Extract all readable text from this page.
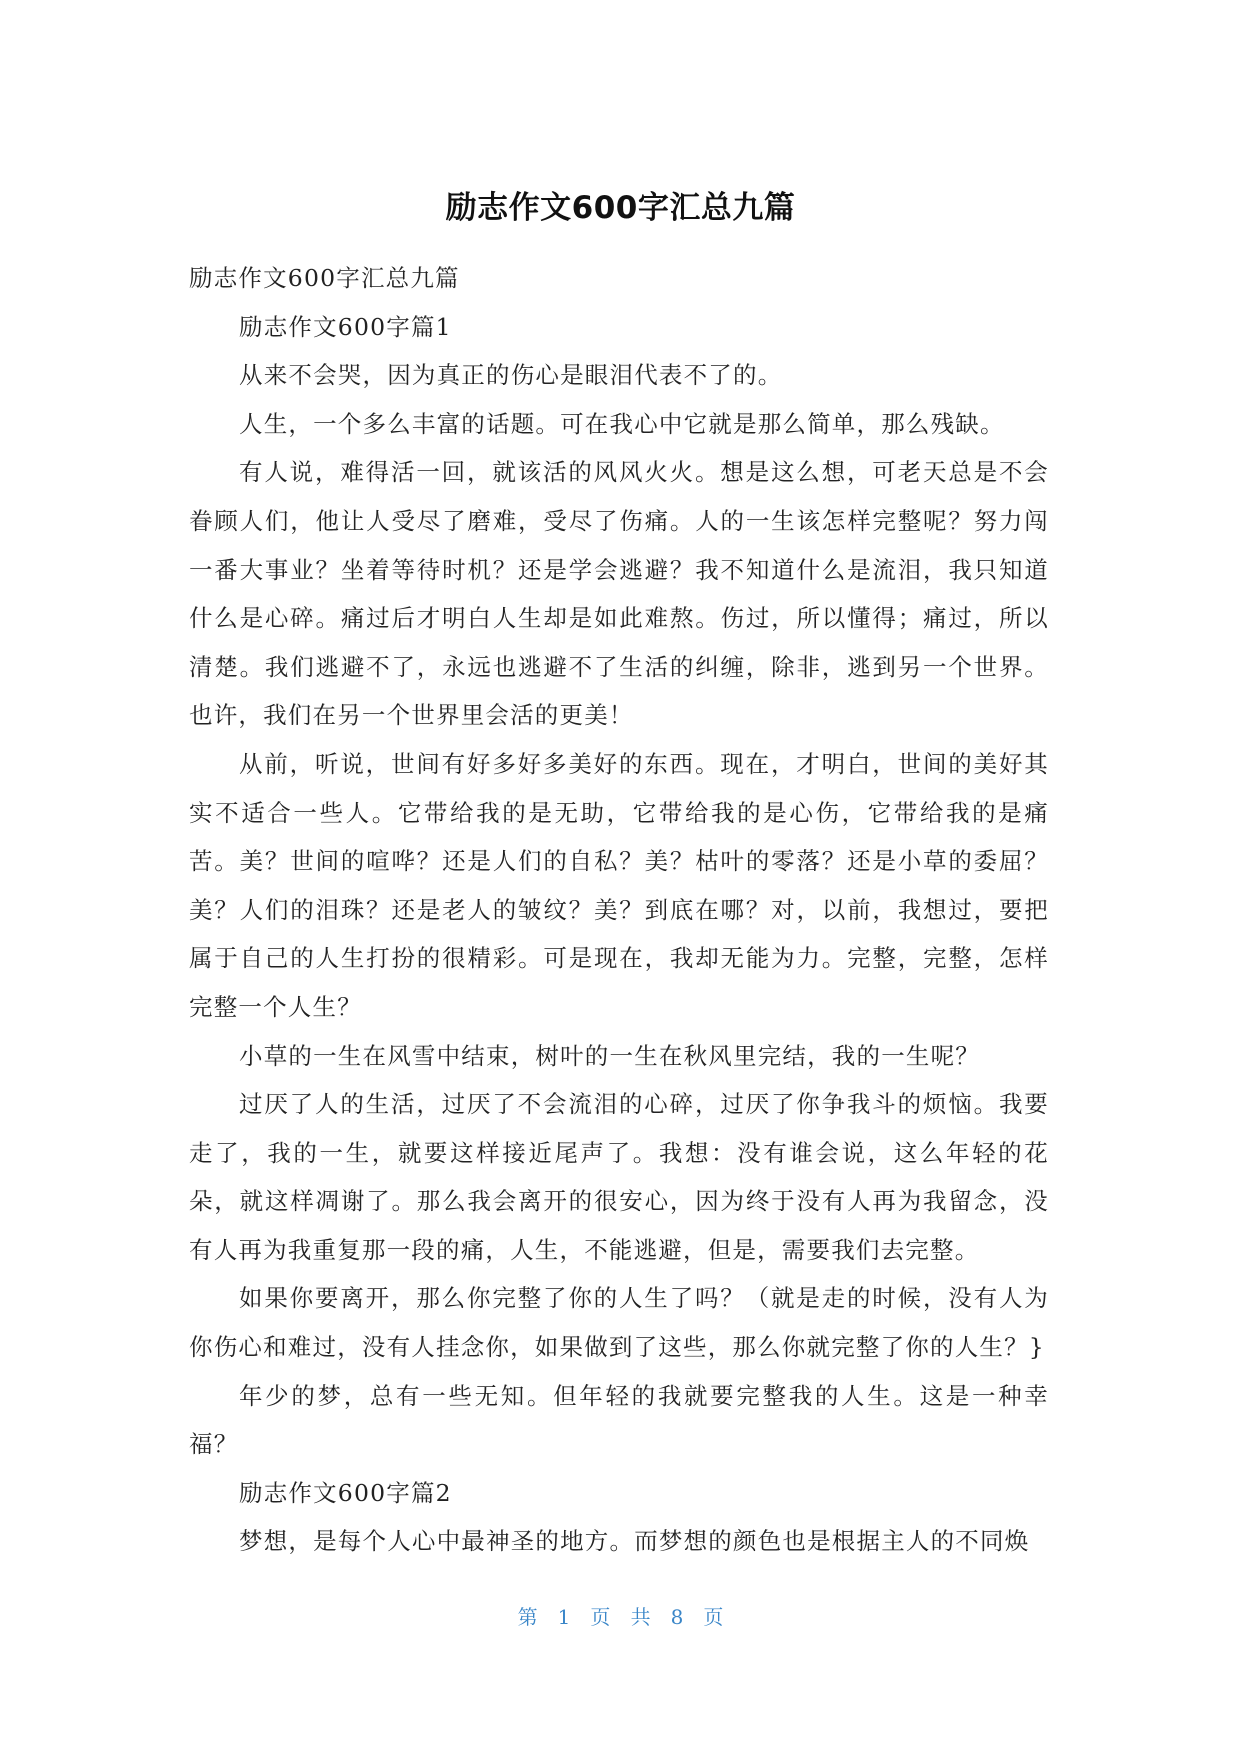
励志作文600字汇总九篇

励志作文600字汇总九篇

励志作文600字篇1

从来不会哭，因为真正的伤心是眼泪代表不了的。

人生，一个多么丰富的话题。可在我心中它就是那么简单，那么残缺。

有人说，难得活一回，就该活的风风火火。想是这么想，可老天总是不会眷顾人们，他让人受尽了磨难，受尽了伤痛。人的一生该怎样完整呢？努力闯一番大事业？坐着等待时机？还是学会逃避？我不知道什么是流泪，我只知道什么是心碎。痛过后才明白人生却是如此难熬。伤过，所以懂得；痛过，所以清楚。我们逃避不了，永远也逃避不了生活的纠缠，除非，逃到另一个世界。也许，我们在另一个世界里会活的更美！

从前，听说，世间有好多好多美好的东西。现在，才明白，世间的美好其实不适合一些人。它带给我的是无助，它带给我的是心伤，它带给我的是痛苦。美？世间的喧哗？还是人们的自私？美？枯叶的零落？还是小草的委屈？美？人们的泪珠？还是老人的皱纹？美？到底在哪？对，以前，我想过，要把属于自己的人生打扮的很精彩。可是现在，我却无能为力。完整，完整，怎样完整一个人生？

小草的一生在风雪中结束，树叶的一生在秋风里完结，我的一生呢？

过厌了人的生活，过厌了不会流泪的心碎，过厌了你争我斗的烦恼。我要走了，我的一生，就要这样接近尾声了。我想：没有谁会说，这么年轻的花朵，就这样凋谢了。那么我会离开的很安心，因为终于没有人再为我留念，没有人再为我重复那一段的痛，人生，不能逃避，但是，需要我们去完整。

如果你要离开，那么你完整了你的人生了吗？（就是走的时候，没有人为你伤心和难过，没有人挂念你，如果做到了这些，那么你就完整了你的人生？}

年少的梦，总有一些无知。但年轻的我就要完整我的人生。这是一种幸福？

励志作文600字篇2

梦想，是每个人心中最神圣的地方。而梦想的颜色也是根据主人的不同焕

第 1 页 共 8 页
